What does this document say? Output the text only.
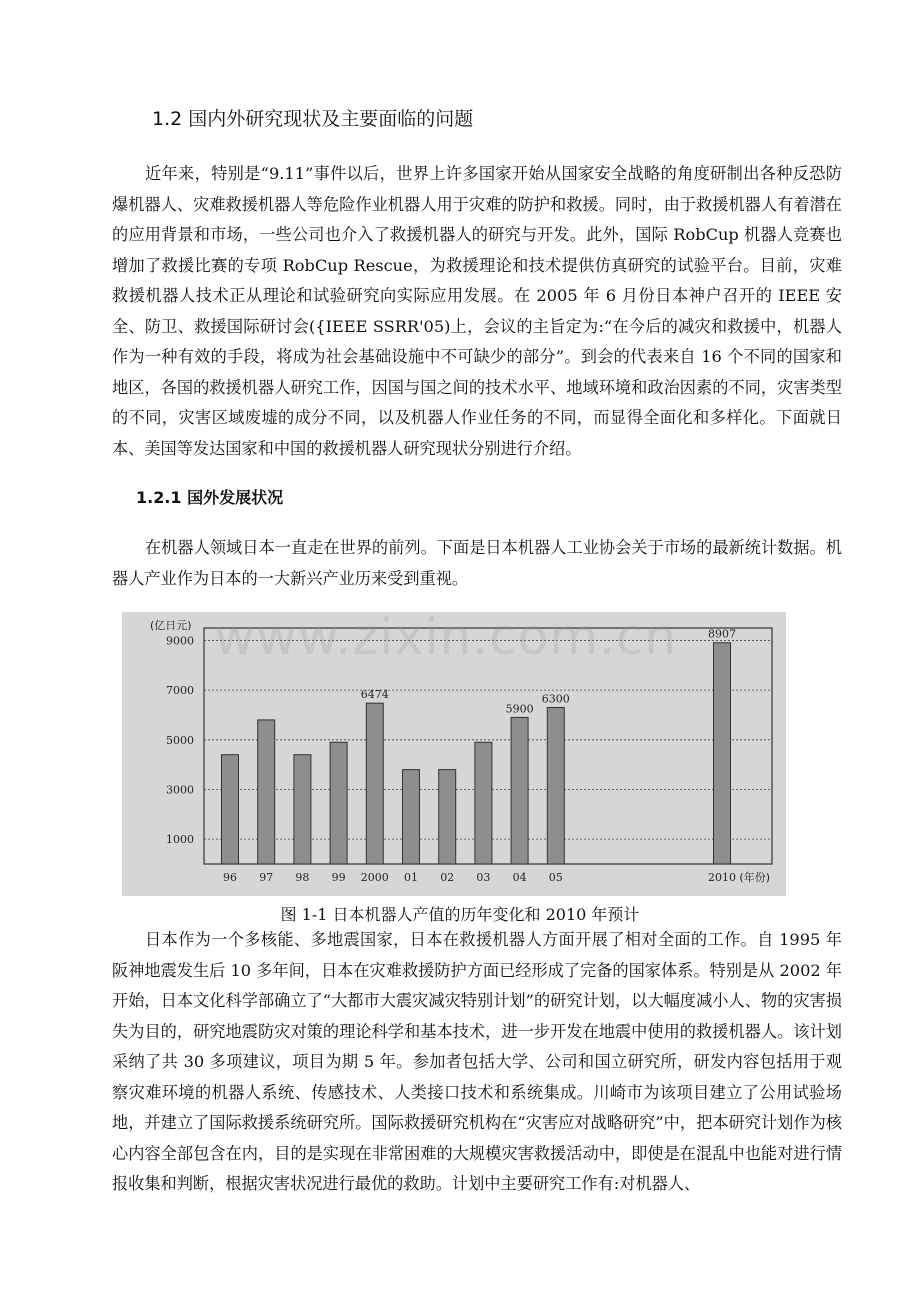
1.2 国内外研究现状及主要面临的问题

近年来，特别是“9.11”事件以后，世界上许多国家开始从国家安全战略的角度研制出各种反恐防爆机器人、灾难救援机器人等危险作业机器人用于灾难的防护和救援。同时，由于救援机器人有着潜在的应用背景和市场，一些公司也介入了救援机器人的研究与开发。此外，国际 RobCup 机器人竞赛也增加了救援比赛的专项 RobCup Rescue，为救援理论和技术提供仿真研究的试验平台。目前，灾难救援机器人技术正从理论和试验研究向实际应用发展。在 2005 年 6 月份日本神户召开的 IEEE 安全、防卫、救援国际研讨会({IEEE SSRR'05)上，会议的主旨定为:“在今后的减灾和救援中，机器人作为一种有效的手段，将成为社会基础设施中不可缺少的部分”。到会的代表来自 16 个不同的国家和地区，各国的救援机器人研究工作，因国与国之间的技术水平、地域环境和政治因素的不同，灾害类型的不同，灾害区域废墟的成分不同，以及机器人作业任务的不同，而显得全面化和多样化。下面就日本、美国等发达国家和中国的救援机器人研究现状分别进行介绍。

1.2.1 国外发展状况

在机器人领域日本一直走在世界的前列。下面是日本机器人工业协会关于市场的最新统计数据。机器人产业作为日本的一大新兴产业历来受到重视。

1000
3000
5000
7000
9000
(亿日元)
96 97 98 99 2000
6474
01 02 03 04
5900
05
6300
2010
8907
(年份)
www.zixin.com.cn
图 1-1 日本机器人产值的历年变化和 2010 年预计

日本作为一个多核能、多地震国家，日本在救援机器人方面开展了相对全面的工作。自 1995 年阪神地震发生后 10 多年间，日本在灾难救援防护方面已经形成了完备的国家体系。特别是从 2002 年开始，日本文化科学部确立了“大都市大震灾减灾特别计划”的研究计划，以大幅度减小人、物的灾害损失为目的，研究地震防灾对策的理论科学和基本技术，进一步开发在地震中使用的救援机器人。该计划采纳了共 30 多项建议，项目为期 5 年。参加者包括大学、公司和国立研究所，研发内容包括用于观察灾难环境的机器人系统、传感技术、人类接口技术和系统集成。川崎市为该项目建立了公用试验场地，并建立了国际救援系统研究所。国际救援研究机构在“灾害应对战略研究”中，把本研究计划作为核心内容全部包含在内，目的是实现在非常困难的大规模灾害救援活动中，即使是在混乱中也能对进行情报收集和判断，根据灾害状况进行最优的救助。计划中主要研究工作有:对机器人、
